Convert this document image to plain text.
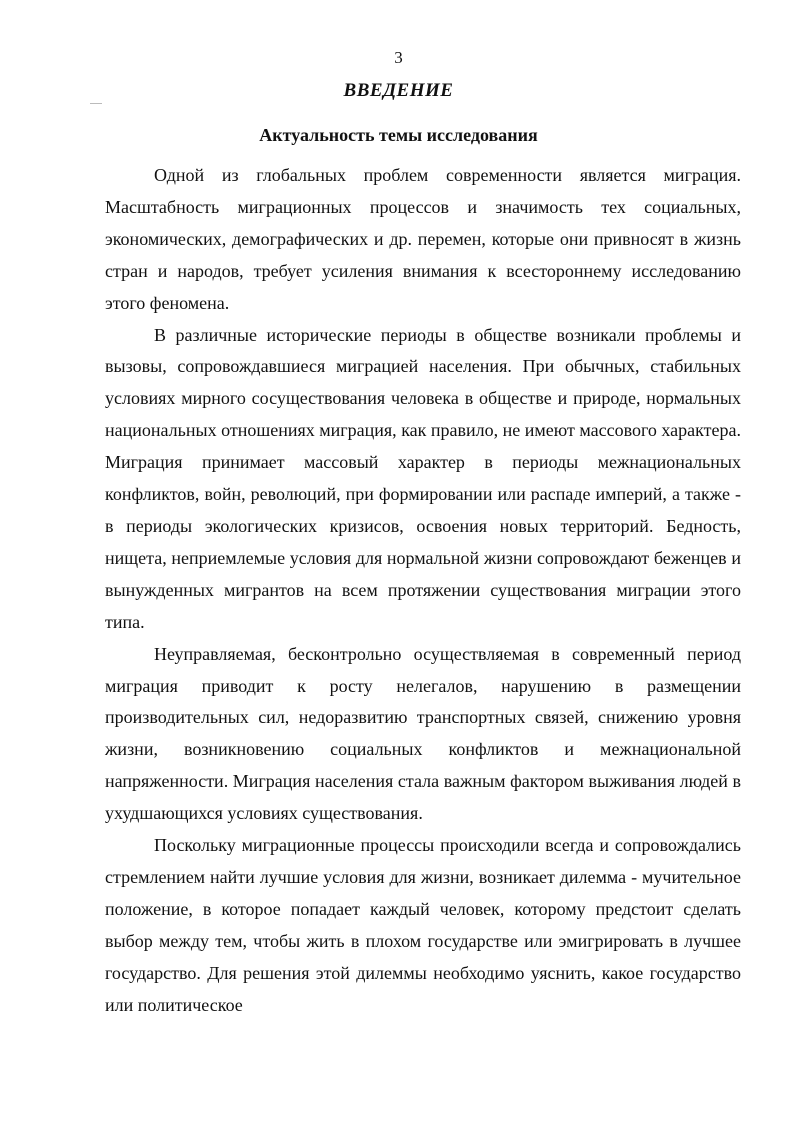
3
ВВЕДЕНИЕ
Актуальность темы исследования

Одной из глобальных проблем современности является миграция. Масштабность миграционных процессов и значимость тех социальных, экономических, демографических и др. перемен, которые они привносят в жизнь стран и народов, требует усиления внимания к всестороннему исследованию этого феномена.

В различные исторические периоды в обществе возникали проблемы и вызовы, сопровождавшиеся миграцией населения. При обычных, стабильных условиях мирного сосуществования человека в обществе и природе, нормальных национальных отношениях миграция, как правило, не имеют массового характера. Миграция принимает массовый характер в периоды межнациональных конфликтов, войн, революций, при формировании или распаде империй, а также - в периоды экологических кризисов, освоения новых территорий. Бедность, нищета, неприемлемые условия для нормальной жизни сопровождают беженцев и вынужденных мигрантов на всем протяжении существования миграции этого типа.

Неуправляемая, бесконтрольно осуществляемая в современный период миграция приводит к росту нелегалов, нарушению в размещении производительных сил, недоразвитию транспортных связей, снижению уровня жизни, возникновению социальных конфликтов и межнациональной напряженности. Миграция населения стала важным фактором выживания людей в ухудшающихся условиях существования.

Поскольку миграционные процессы происходили всегда и сопровождались стремлением найти лучшие условия для жизни, возникает дилемма - мучительное положение, в которое попадает каждый человек, которому предстоит сделать выбор между тем, чтобы жить в плохом государстве или эмигрировать в лучшее государство. Для решения этой дилеммы необходимо уяснить, какое государство или политическое
